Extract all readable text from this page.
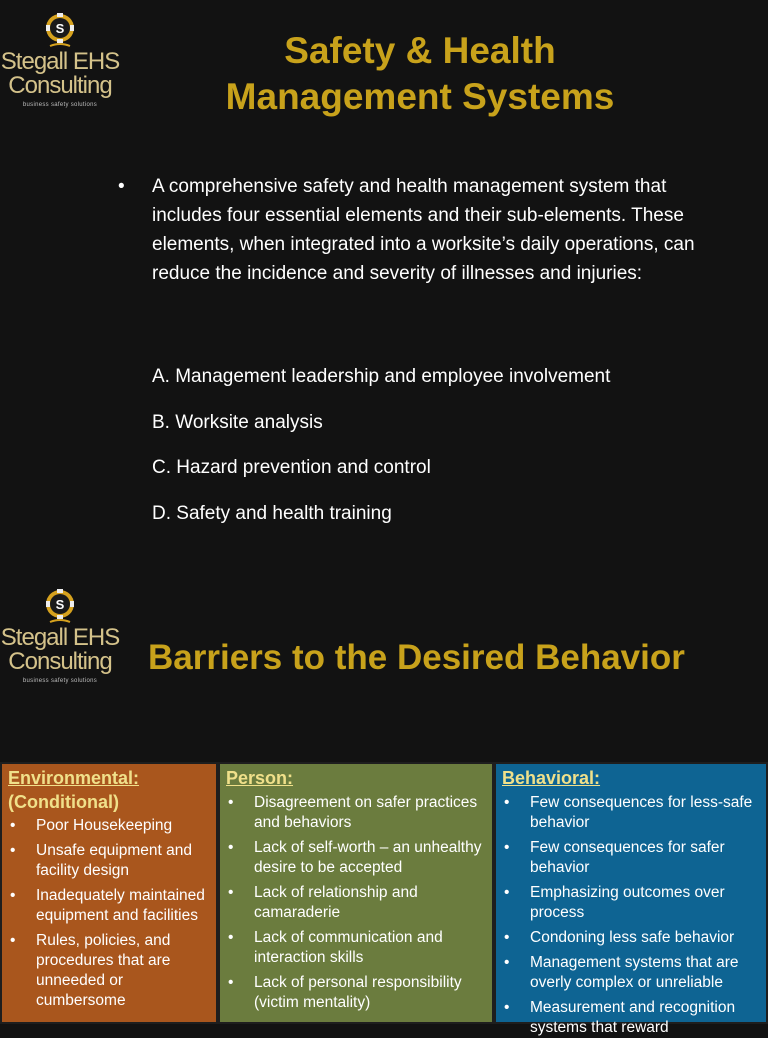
S
Stegall EHS
Consulting
business safety solutions
Safety & Health
Management Systems
• A comprehensive safety and health management system that includes four essential elements and their sub-elements. These elements, when integrated into a worksite’s daily operations, can reduce the incidence and severity of illnesses and injuries:
A. Management leadership and employee involvement
B. Worksite analysis
C. Hazard prevention and control
D. Safety and health training
S
Stegall EHS
Consulting
business safety solutions
Barriers to the Desired Behavior
Environmental:
(Conditional)
• Poor Housekeeping
• Unsafe equipment and facility design
• Inadequately maintained equipment and facilities
• Rules, policies, and procedures that are unneeded or cumbersome
Person:
• Disagreement on safer practices and behaviors
• Lack of self-worth – an unhealthy desire to be accepted
• Lack of relationship and camaraderie
• Lack of communication and interaction skills
• Lack of personal responsibility (victim mentality)
Behavioral:
• Few consequences for less-safe behavior
• Few consequences for safer behavior
• Emphasizing outcomes over process
• Condoning less safe behavior
• Management systems that are overly complex or unreliable
• Measurement and recognition systems that reward
